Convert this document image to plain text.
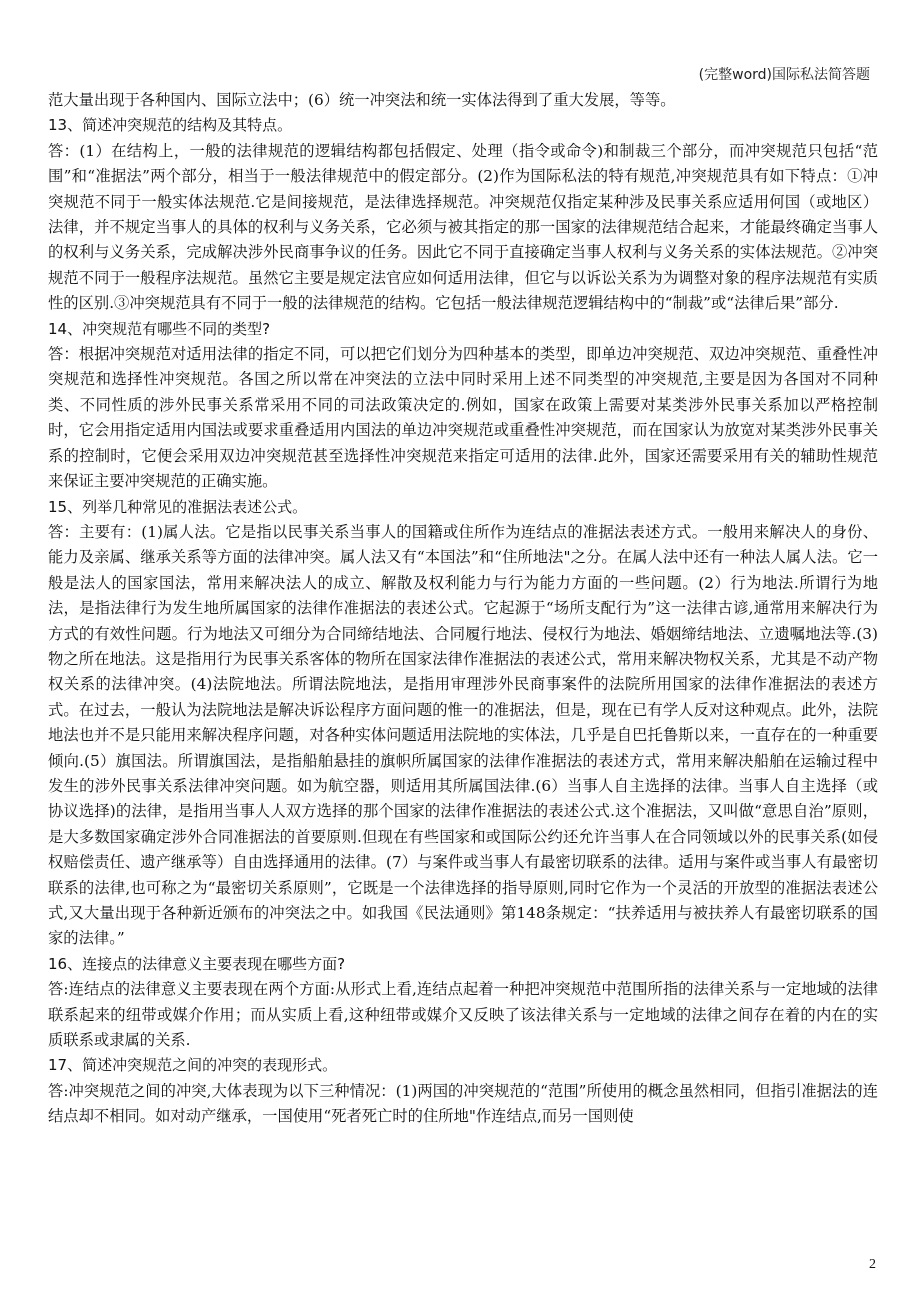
(完整word)国际私法简答题

范大量出现于各种国内、国际立法中；(6）统一冲突法和统一实体法得到了重大发展，等等。

13、简述冲突规范的结构及其特点。

答：(1）在结构上，一般的法律规范的逻辑结构都包括假定、处理（指令或命令)和制裁三个部分，而冲突规范只包括“范围”和“准据法”两个部分，相当于一般法律规范中的假定部分。(2)作为国际私法的特有规范,冲突规范具有如下特点：①冲突规范不同于一般实体法规范.它是间接规范，是法律选择规范。冲突规范仅指定某种涉及民事关系应适用何国（或地区）法律，并不规定当事人的具体的权利与义务关系，它必须与被其指定的那一国家的法律规范结合起来，才能最终确定当事人的权利与义务关系，完成解决涉外民商事争议的任务。因此它不同于直接确定当事人权利与义务关系的实体法规范。②冲突规范不同于一般程序法规范。虽然它主要是规定法官应如何适用法律，但它与以诉讼关系为为调整对象的程序法规范有实质性的区别.③冲突规范具有不同于一般的法律规范的结构。它包括一般法律规范逻辑结构中的“制裁”或“法律后果”部分.

14、冲突规范有哪些不同的类型?

答：根据冲突规范对适用法律的指定不同，可以把它们划分为四种基本的类型，即单边冲突规范、双边冲突规范、重叠性冲突规范和选择性冲突规范。各国之所以常在冲突法的立法中同时采用上述不同类型的冲突规范,主要是因为各国对不同种类、不同性质的涉外民事关系常采用不同的司法政策决定的.例如，国家在政策上需要对某类涉外民事关系加以严格控制时，它会用指定适用内国法或要求重叠适用内国法的单边冲突规范或重叠性冲突规范，而在国家认为放宽对某类涉外民事关系的控制时，它便会采用双边冲突规范甚至选择性冲突规范来指定可适用的法律.此外，国家还需要采用有关的辅助性规范来保证主要冲突规范的正确实施。

15、列举几种常见的准据法表述公式。

答：主要有：(1)属人法。它是指以民事关系当事人的国籍或住所作为连结点的准据法表述方式。一般用来解决人的身份、能力及亲属、继承关系等方面的法律冲突。属人法又有“本国法”和“住所地法"之分。在属人法中还有一种法人属人法。它一般是法人的国家国法，常用来解决法人的成立、解散及权利能力与行为能力方面的一些问题。(2）行为地法.所谓行为地法，是指法律行为发生地所属国家的法律作准据法的表述公式。它起源于“场所支配行为”这一法律古谚,通常用来解决行为方式的有效性问题。行为地法又可细分为合同缔结地法、合同履行地法、侵权行为地法、婚姻缔结地法、立遗嘱地法等.(3)物之所在地法。这是指用行为民事关系客体的物所在国家法律作准据法的表述公式，常用来解决物权关系，尤其是不动产物权关系的法律冲突。(4)法院地法。所谓法院地法，是指用审理涉外民商事案件的法院所用国家的法律作准据法的表述方式。在过去，一般认为法院地法是解决诉讼程序方面问题的惟一的准据法，但是，现在已有学人反对这种观点。此外，法院地法也并不是只能用来解决程序问题，对各种实体问题适用法院地的实体法，几乎是自巴托鲁斯以来，一直存在的一种重要倾向.(5）旗国法。所谓旗国法，是指船舶悬挂的旗帜所属国家的法律作准据法的表述方式，常用来解决船舶在运输过程中发生的涉外民事关系法律冲突问题。如为航空器，则适用其所属国法律.(6）当事人自主选择的法律。当事人自主选择（或协议选择)的法律，是指用当事人人双方选择的那个国家的法律作准据法的表述公式.这个准据法，又叫做“意思自治”原则，是大多数国家确定涉外合同准据法的首要原则.但现在有些国家和或国际公约还允许当事人在合同领域以外的民事关系(如侵权赔偿责任、遗产继承等）自由选择通用的法律。(7）与案件或当事人有最密切联系的法律。适用与案件或当事人有最密切联系的法律,也可称之为“最密切关系原则”，它既是一个法律选择的指导原则,同时它作为一个灵活的开放型的准据法表述公式,又大量出现于各种新近颁布的冲突法之中。如我国《民法通则》第148条规定：“扶养适用与被扶养人有最密切联系的国家的法律。”

16、连接点的法律意义主要表现在哪些方面?

答:连结点的法律意义主要表现在两个方面:从形式上看,连结点起着一种把冲突规范中范围所指的法律关系与一定地域的法律联系起来的纽带或媒介作用；而从实质上看,这种纽带或媒介又反映了该法律关系与一定地域的法律之间存在着的内在的实质联系或隶属的关系.

17、简述冲突规范之间的冲突的表现形式。

答:冲突规范之间的冲突,大体表现为以下三种情况：(1)两国的冲突规范的“范围”所使用的概念虽然相同，但指引准据法的连结点却不相同。如对动产继承，一国使用“死者死亡时的住所地"作连结点,而另一国则使

2
